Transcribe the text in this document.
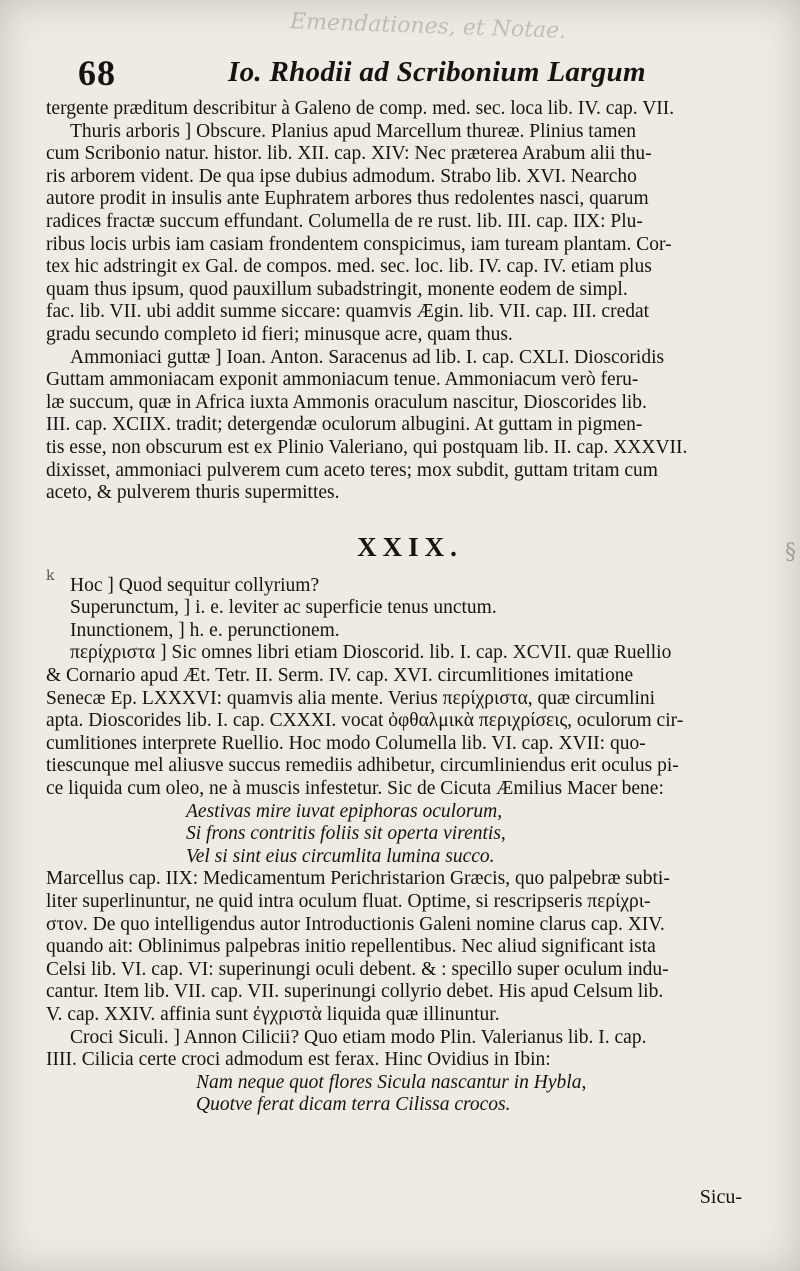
Emendationes, et Notae.
§
68	Io. Rhodii ad Scribonium Largum
k
tergente præditum describitur à Galeno de comp. med. sec. loca lib. IV. cap. VII.
Thuris arboris ] Obscure. Planius apud Marcellum thureæ. Plinius tamen
cum Scribonio natur. histor. lib. XII. cap. XIV: Nec præterea Arabum alii thu-
ris arborem vident. De qua ipse dubius admodum. Strabo lib. XVI. Nearcho
autore prodit in insulis ante Euphratem arbores thus redolentes nasci, quarum
radices fractæ succum effundant. Columella de re rust. lib. III. cap. IIX: Plu-
ribus locis urbis iam casiam frondentem conspicimus, iam tuream plantam. Cor-
tex hic adstringit ex Gal. de compos. med. sec. loc. lib. IV. cap. IV. etiam plus
quam thus ipsum, quod pauxillum subadstringit, monente eodem de simpl.
fac. lib. VII. ubi addit summe siccare: quamvis Ægin. lib. VII. cap. III. credat
gradu secundo completo id fieri; minusque acre, quam thus.
Ammoniaci guttæ ] Ioan. Anton. Saracenus ad lib. I. cap. CXLI. Dioscoridis
Guttam ammoniacam exponit ammoniacum tenue. Ammoniacum verò feru-
læ succum, quæ in Africa iuxta Ammonis oraculum nascitur, Dioscorides lib.
III. cap. XCIIX. tradit; detergendæ oculorum albugini. At guttam in pigmen-
tis esse, non obscurum est ex Plinio Valeriano, qui postquam lib. II. cap. XXXVII.
dixisset, ammoniaci pulverem cum aceto teres; mox subdit, guttam tritam cum
aceto, & pulverem thuris supermittes.
XXIX.
Hoc ] Quod sequitur collyrium?
Superunctum, ] i. e. leviter ac superficie tenus unctum.
Inunctionem, ] h. e. perunctionem.
περίχριστα ] Sic omnes libri etiam Dioscorid. lib. I. cap. XCVII. quæ Ruellio
& Cornario apud Æt. Tetr. II. Serm. IV. cap. XVI. circumlitiones imitatione
Senecæ Ep. LXXXVI: quamvis alia mente. Verius περίχριστα, quæ circumlini
apta. Dioscorides lib. I. cap. CXXXI. vocat ὀφθαλμικὰ περιχρίσεις, oculorum cir-
cumlitiones interprete Ruellio. Hoc modo Columella lib. VI. cap. XVII: quo-
tiescunque mel aliusve succus remediis adhibetur, circumliniendus erit oculus pi-
ce liquida cum oleo, ne à muscis infestetur. Sic de Cicuta Æmilius Macer bene:
Aestivas mire iuvat epiphoras oculorum,
Si frons contritis foliis sit operta virentis,
Vel si sint eius circumlita lumina succo.
Marcellus cap. IIX: Medicamentum Perichristarion Græcis, quo palpebræ subti-
liter superlinuntur, ne quid intra oculum fluat. Optime, si rescripseris περίχρι-
στον. De quo intelligendus autor Introductionis Galeni nomine clarus cap. XIV.
quando ait: Oblinimus palpebras initio repellentibus. Nec aliud significant ista
Celsi lib. VI. cap. VI: superinungi oculi debent. & : specillo super oculum indu-
cantur. Item lib. VII. cap. VII. superinungi collyrio debet. His apud Celsum lib.
V. cap. XXIV. affinia sunt ἐγχριστὰ liquida quæ illinuntur.
Croci Siculi. ] Annon Cilicii? Quo etiam modo Plin. Valerianus lib. I. cap.
IIII. Cilicia certe croci admodum est ferax. Hinc Ovidius in Ibin:
Nam neque quot flores Sicula nascantur in Hybla,
Quotve ferat dicam terra Cilissa crocos.
Sicu-
